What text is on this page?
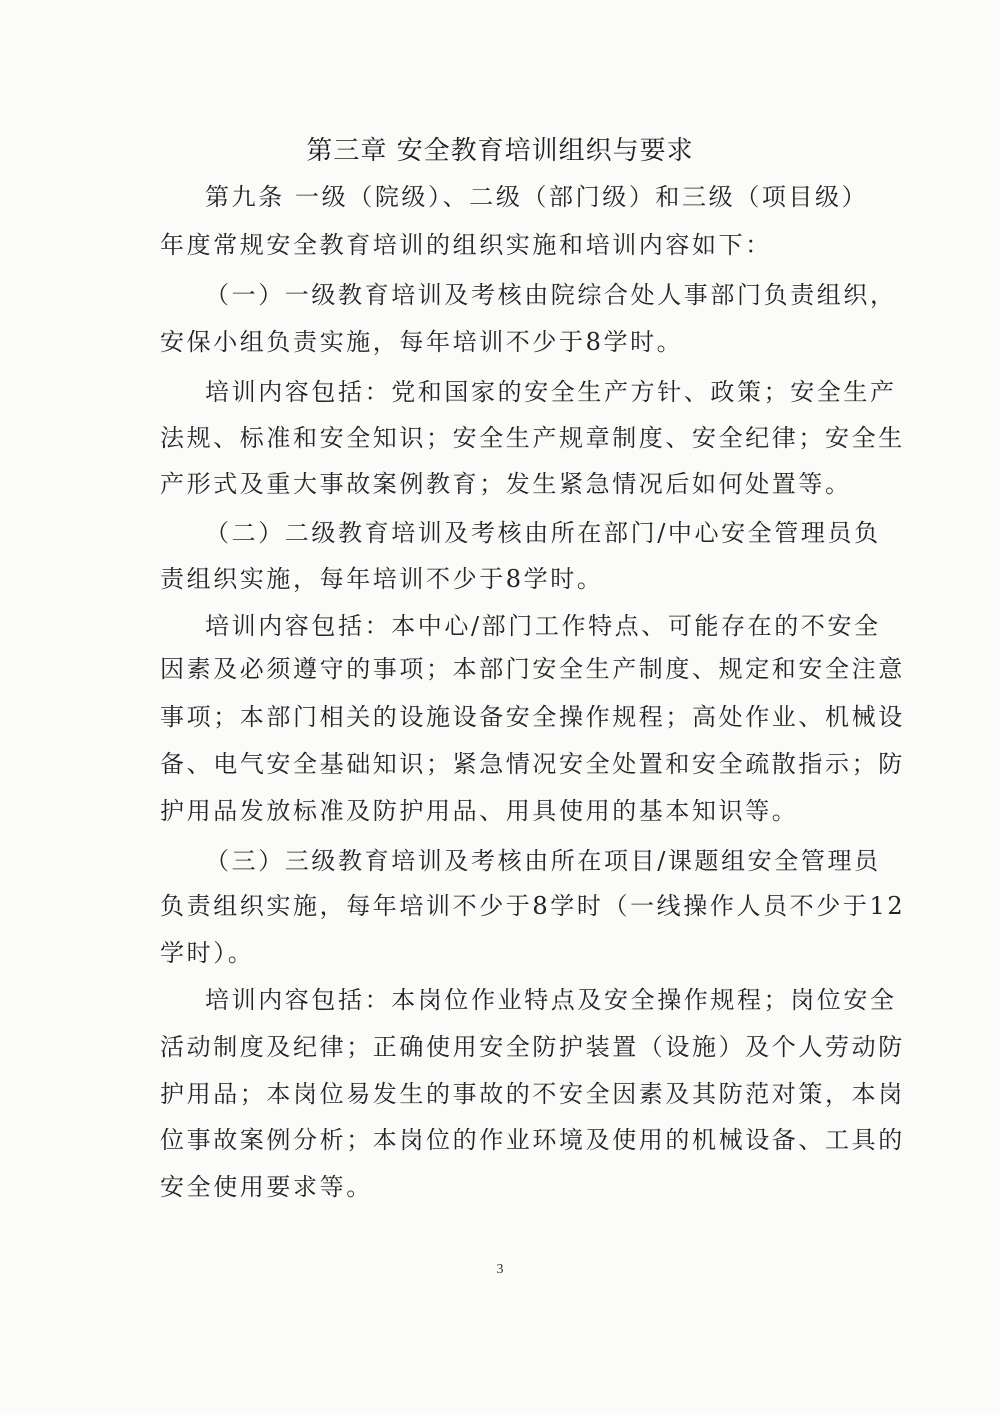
第三章 安全教育培训组织与要求

第九条 一级（院级）、二级（部门级）和三级（项目级）

年度常规安全教育培训的组织实施和培训内容如下：

（一）一级教育培训及考核由院综合处人事部门负责组织，

安保小组负责实施，每年培训不少于8学时。

培训内容包括：党和国家的安全生产方针、政策；安全生产

法规、标准和安全知识；安全生产规章制度、安全纪律；安全生

产形式及重大事故案例教育；发生紧急情况后如何处置等。

（二）二级教育培训及考核由所在部门/中心安全管理员负

责组织实施，每年培训不少于8学时。

培训内容包括：本中心/部门工作特点、可能存在的不安全

因素及必须遵守的事项；本部门安全生产制度、规定和安全注意

事项；本部门相关的设施设备安全操作规程；高处作业、机械设

备、电气安全基础知识；紧急情况安全处置和安全疏散指示；防

护用品发放标准及防护用品、用具使用的基本知识等。

（三）三级教育培训及考核由所在项目/课题组安全管理员

负责组织实施，每年培训不少于8学时（一线操作人员不少于12

学时）。

培训内容包括：本岗位作业特点及安全操作规程；岗位安全

活动制度及纪律；正确使用安全防护装置（设施）及个人劳动防

护用品；本岗位易发生的事故的不安全因素及其防范对策，本岗

位事故案例分析；本岗位的作业环境及使用的机械设备、工具的

安全使用要求等。

3
